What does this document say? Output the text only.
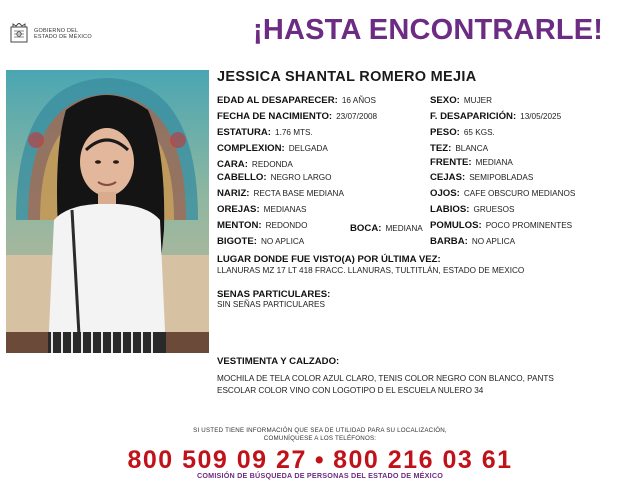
GOBIERNO DEL
ESTADO DE MÉXICO	¡HASTA ENCONTRARLE!
JESSICA SHANTAL ROMERO MEJIA
EDAD AL DESAPARECER: 16 AÑOS
FECHA DE NACIMIENTO: 23/07/2008
ESTATURA: 1.76 MTS.
COMPLEXION: DELGADA
CARA: REDONDA
CABELLO: NEGRO LARGO
NARIZ: RECTA BASE MEDIANA
OREJAS: MEDIANAS
MENTON: REDONDO	BOCA: MEDIANA
BIGOTE: NO APLICA
SEXO: MUJER
F. DESAPARICIÓN: 13/05/2025
PESO: 65 KGS.
TEZ: BLANCA
FRENTE: MEDIANA
CEJAS: SEMIPOBLADAS
OJOS: CAFE OBSCURO MEDIANOS
LABIOS: GRUESOS
POMULOS: POCO PROMINENTES
BARBA: NO APLICA
LUGAR DONDE FUE VISTO(A) POR ÚLTIMA VEZ:
LLANURAS MZ 17 LT 418 FRACC. LLANURAS, TULTITLÁN, ESTADO DE MEXICO
SENAS PARTICULARES:
SIN SEÑAS PARTICULARES
VESTIMENTA Y CALZADO:
MOCHILA DE TELA COLOR AZUL CLARO, TENIS COLOR NEGRO CON BLANCO, PANTS
ESCOLAR COLOR VINO CON LOGOTIPO D EL ESCUELA NULERO 34
SI USTED TIENE INFORMACIÓN QUE SEA DE UTILIDAD PARA SU LOCALIZACIÓN,
COMUNÍQUESE A LOS TELÉFONOS:
800 509 09 27 • 800 216 03 61
COMISIÓN DE BÚSQUEDA DE PERSONAS DEL ESTADO DE MÉXICO
